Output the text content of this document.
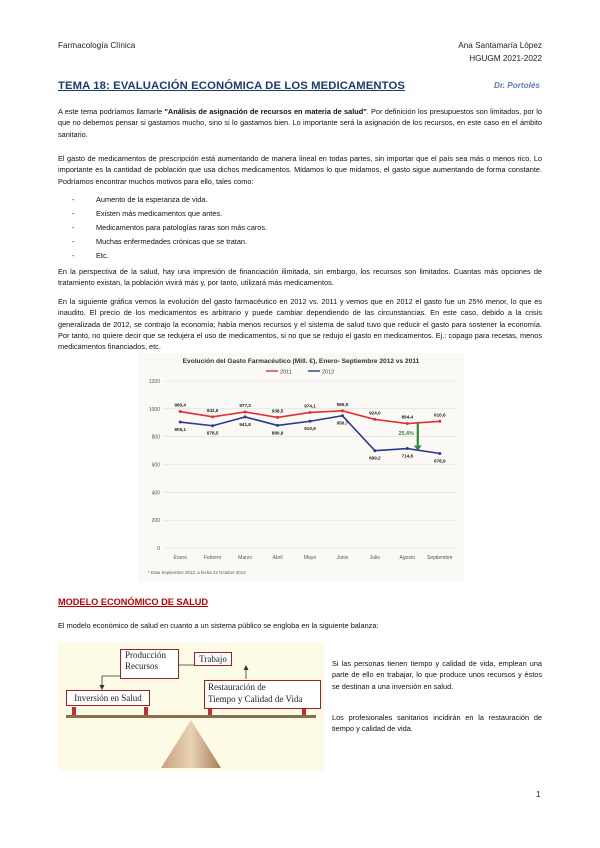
Farmacología Clínica	Ana Santamaría López
HGUGM 2021-2022
TEMA 18: EVALUACIÓN ECONÓMICA DE LOS MEDICAMENTOS	Dr. Portolés
A este tema podríamos llamarle "Análisis de asignación de recursos en materia de salud". Por definición los presupuestos son limitados, por lo que no debemos pensar si gastamos mucho, sino si lo gastamos bien. Lo importante será la asignación de los recursos, en este caso en el ámbito sanitario.
El gasto de medicamentos de prescripción está aumentando de manera lineal en todas partes, sin importar que el país sea más o menos rico. Lo importante es la cantidad de población que usa dichos medicamentos. Midamos lo que midamos, el gasto sigue aumentando de forma constante. Podríamos encontrar muchos motivos para ello, tales como:
- Aumento de la esperanza de vida.
- Existen más medicamentos que antes.
- Medicamentos para patologías raras son más caros.
- Muchas enfermedades crónicas que se tratan.
- Etc.
En la perspectiva de la salud, hay una impresión de financiación ilimitada, sin embargo, los recursos son limitados. Cuantas más opciones de tratamiento existan, la población vivirá más y, por tanto, utilizará más medicamentos.
En la siguiente gráfica vemos la evolución del gasto farmacéutico en 2012 vs. 2011 y vemos que en 2012 el gasto fue un 25% menor, lo que es inaudito. El precio de los medicamentos es arbitrario y puede cambiar dependiendo de las circunstancias. En este caso, debido a la crisis generalizada de 2012, se contrajo la economía; había menos recursos y el sistema de salud tuvo que reducir el gasto para sostener la economía. Por tanto, no quiere decir que se redujera el uso de medicamentos, si no que se redujo el gasto en medicamentos. Ej.: copago para recetas, menos medicamentos financiados, etc.
Evolución del Gasto Farmacéutico (Mill. €), Enero- Septiembre 2012 vs 2011
2011	2012
0
200
400
600
800
1000
1200
Enero	Febrero	Marzo	Abril	Mayo	Junio	Julio	Agosto Septiembre
980,4
942,6
977,3
938,5
974,1	985,5
924,0
894,4	910,6
905,1
878,5
941,8
880,9
910,9
950,7
699,2	714,8
678,9
25,4%
* Dato Septiembre 2012, a fecha 22 Octubre 2012
MODELO ECONÓMICO DE SALUD
El modelo económico de salud en cuanto a un sistema público se engloba en la siguiente balanza:
Producción
Recursos
Trabajo
Inversión en Salud
Restauración de
Tiempo y Calidad de Vida
Si las personas tienen tiempo y calidad de vida, emplean una parte de ello en trabajar, lo que produce unos recursos y éstos se destinan a una inversión en salud.
Los profesionales sanitarios incidirán en la restauración de tiempo y calidad de vida.
1
